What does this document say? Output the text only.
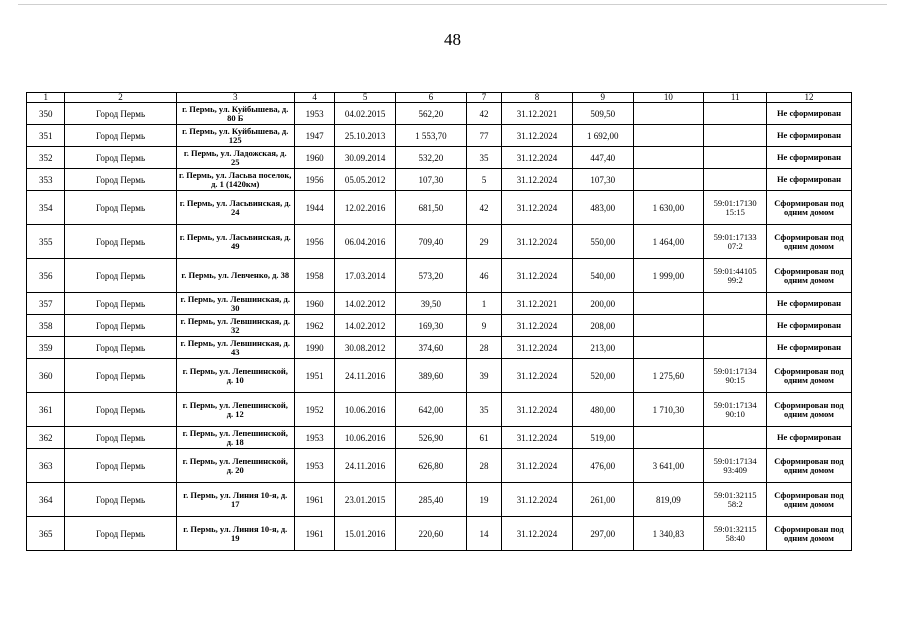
48
1	2	3	4	5	6	7	8	9	10	11	12
350	Город Пермь	г. Пермь, ул. Куйбышева, д. 80 Б	1953	04.02.2015	562,20	42	31.12.2021	509,50			Не сформирован
351	Город Пермь	г. Пермь, ул. Куйбышева, д. 125	1947	25.10.2013	1 553,70	77	31.12.2024	1 692,00			Не сформирован
352	Город Пермь	г. Пермь, ул. Ладожская, д. 25	1960	30.09.2014	532,20	35	31.12.2024	447,40			Не сформирован
353	Город Пермь	г. Пермь, ул. Ласьва поселок, д. 1 (1420км)	1956	05.05.2012	107,30	5	31.12.2024	107,30			Не сформирован
354	Город Пермь	г. Пермь, ул. Ласьвинская, д. 24	1944	12.02.2016	681,50	42	31.12.2024	483,00	1 630,00	59:01:17130 15:15	Сформирован под одним домом
355	Город Пермь	г. Пермь, ул. Ласьвинская, д. 49	1956	06.04.2016	709,40	29	31.12.2024	550,00	1 464,00	59:01:17133 07:2	Сформирован под одним домом
356	Город Пермь	г. Пермь, ул. Левченко, д. 38	1958	17.03.2014	573,20	46	31.12.2024	540,00	1 999,00	59:01:44105 99:2	Сформирован под одним домом
357	Город Пермь	г. Пермь, ул. Левшинская, д. 30	1960	14.02.2012	39,50	1	31.12.2021	200,00			Не сформирован
358	Город Пермь	г. Пермь, ул. Левшинская, д. 32	1962	14.02.2012	169,30	9	31.12.2024	208,00			Не сформирован
359	Город Пермь	г. Пермь, ул. Левшинская, д. 43	1990	30.08.2012	374,60	28	31.12.2024	213,00			Не сформирован
360	Город Пермь	г. Пермь, ул. Лепешинской, д. 10	1951	24.11.2016	389,60	39	31.12.2024	520,00	1 275,60	59:01:17134 90:15	Сформирован под одним домом
361	Город Пермь	г. Пермь, ул. Лепешинской, д. 12	1952	10.06.2016	642,00	35	31.12.2024	480,00	1 710,30	59:01:17134 90:10	Сформирован под одним домом
362	Город Пермь	г. Пермь, ул. Лепешинской, д. 18	1953	10.06.2016	526,90	61	31.12.2024	519,00			Не сформирован
363	Город Пермь	г. Пермь, ул. Лепешинской, д. 20	1953	24.11.2016	626,80	28	31.12.2024	476,00	3 641,00	59:01:17134 93:409	Сформирован под одним домом
364	Город Пермь	г. Пермь, ул. Линия 10-я, д. 17	1961	23.01.2015	285,40	19	31.12.2024	261,00	819,09	59:01:32115 58:2	Сформирован под одним домом
365	Город Пермь	г. Пермь, ул. Линия 10-я, д. 19	1961	15.01.2016	220,60	14	31.12.2024	297,00	1 340,83	59:01:32115 58:40	Сформирован под одним домом
